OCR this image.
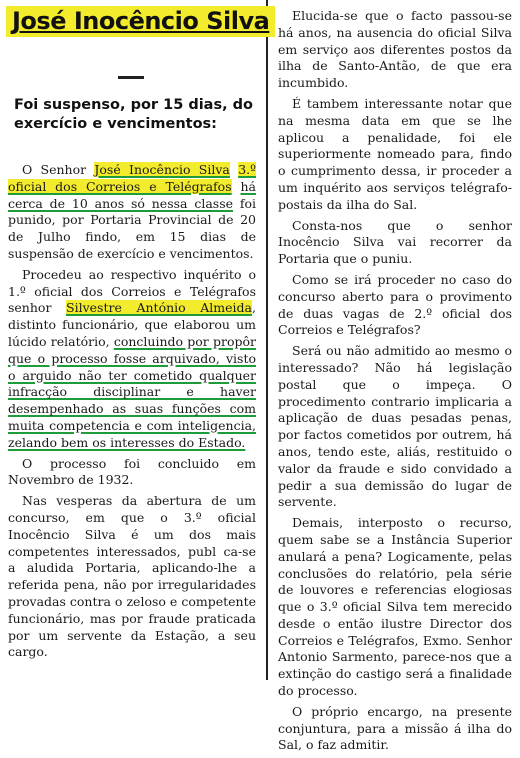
José Inocêncio Silva
Foi suspenso, por 15 dias, do exercício e vencimentos:

O Senhor José Inocêncio Silva 3.º oficial dos Correios e Telégrafos há cerca de 10 anos só nessa classe foi punido, por Portaria Provincial de 20 de Julho findo, em 15 dias de suspensão de exercício e vencimentos.

Procedeu ao respectivo inquérito o 1.º oficial dos Correios e Telégrafos senhor Silvestre António Almeida, distinto funcionário, que elaborou um lúcido relatório, concluindo por propôr que o processo fosse arquivado, visto o arguido não ter cometido qualquer infracção disciplinar e haver desempenhado as suas funções com muita competencia e com inteligencia, zelando bem os interesses do Estado.

O processo foi concluido em Novembro de 1932.

Nas vesperas da abertura de um concurso, em que o 3.º oficial Inocêncio Silva é um dos mais competentes interessados, publ ca-se a aludida Portaria, aplicando-lhe a referida pena, não por irregularidades provadas contra o zeloso e competente funcionário, mas por fraude praticada por um servente da Estação, a seu cargo.

Elucida-se que o facto passou-se há anos, na ausencia do oficial Silva em serviço aos diferentes postos da ilha de Santo-Antão, de que era incumbido.

É tambem interessante notar que na mesma data em que se lhe aplicou a penalidade, foi ele superiormente nomeado para, findo o cumprimento dessa, ir proceder a um inquérito aos serviços telégrafo-postais da ilha do Sal.

Consta-nos que o senhor Inocêncio Silva vai recorrer da Portaria que o puniu.

Como se irá proceder no caso do concurso aberto para o provimento de duas vagas de 2.º oficial dos Correios e Telégrafos?

Será ou não admitido ao mesmo o interessado? Não há legislação postal que o impeça. O procedimento contrario implicaria a aplicação de duas pesadas penas, por factos cometidos por outrem, há anos, tendo este, aliás, restituido o valor da fraude e sido convidado a pedir a sua demissão do lugar de servente.

Demais, interposto o recurso, quem sabe se a Instância Superior anulará a pena? Logicamente, pelas conclusões do relatório, pela série de louvores e referencias elogiosas que o 3.º oficial Silva tem merecido desde o então ilustre Director dos Correios e Telégrafos, Exmo. Senhor Antonio Sarmento, parece-nos que a extinção do castigo será a finalidade do processo.

O próprio encargo, na presente conjuntura, para a missão á ilha do Sal, o faz admitir.
